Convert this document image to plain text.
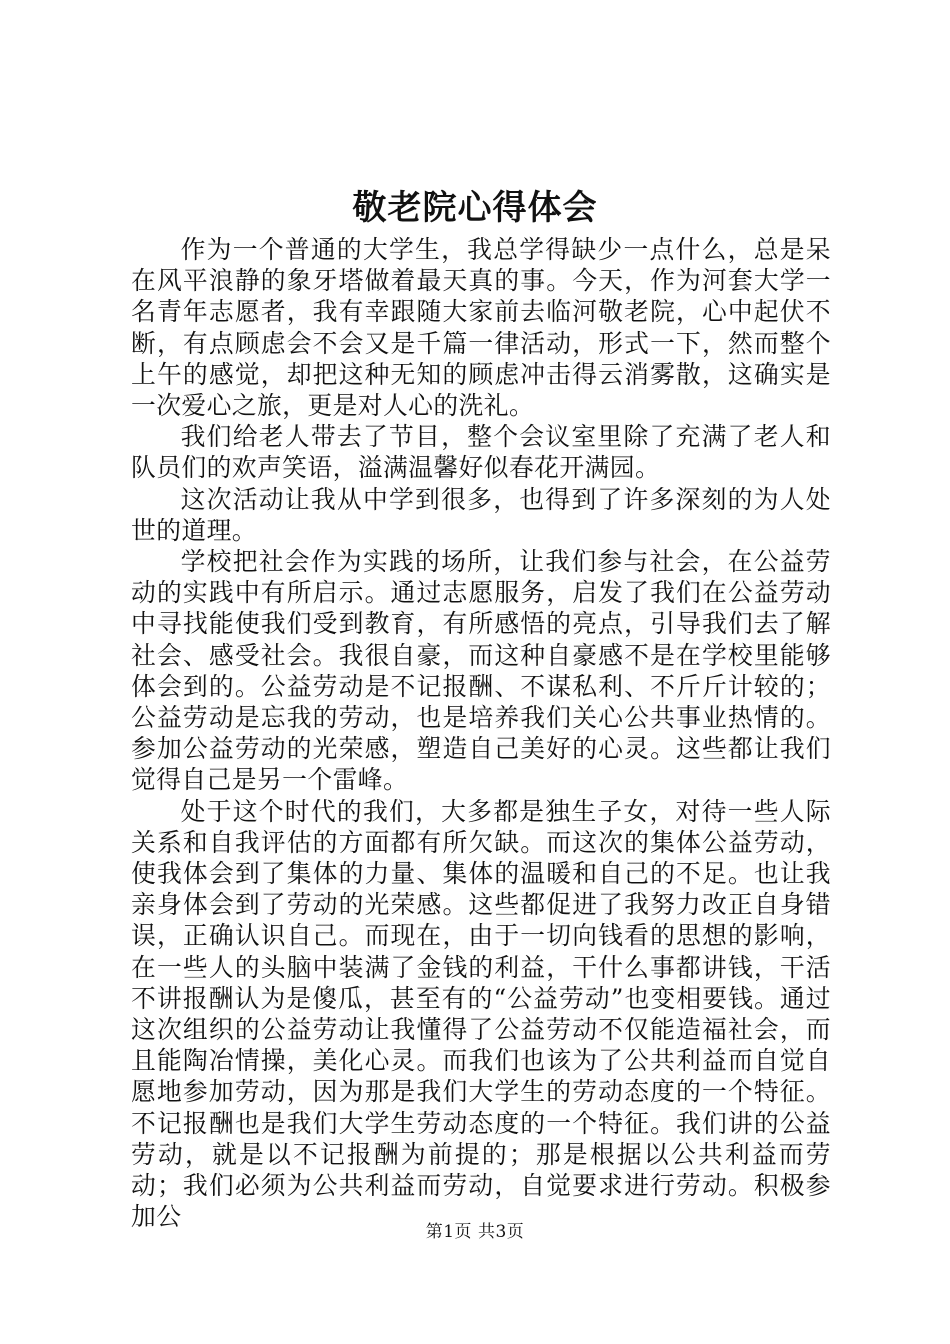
敬老院心得体会

作为一个普通的大学生，我总学得缺少一点什么，总是呆在风平浪静的象牙塔做着最天真的事。今天，作为河套大学一名青年志愿者，我有幸跟随大家前去临河敬老院，心中起伏不断，有点顾虑会不会又是千篇一律活动，形式一下，然而整个上午的感觉，却把这种无知的顾虑冲击得云消雾散，这确实是一次爱心之旅，更是对人心的洗礼。

我们给老人带去了节目，整个会议室里除了充满了老人和队员们的欢声笑语，溢满温馨好似春花开满园。

这次活动让我从中学到很多，也得到了许多深刻的为人处世的道理。

学校把社会作为实践的场所，让我们参与社会，在公益劳动的实践中有所启示。通过志愿服务，启发了我们在公益劳动中寻找能使我们受到教育，有所感悟的亮点，引导我们去了解社会、感受社会。我很自豪，而这种自豪感不是在学校里能够体会到的。公益劳动是不记报酬、不谋私利、不斤斤计较的；公益劳动是忘我的劳动，也是培养我们关心公共事业热情的。参加公益劳动的光荣感，塑造自己美好的心灵。这些都让我们觉得自己是另一个雷峰。

处于这个时代的我们，大多都是独生子女，对待一些人际关系和自我评估的方面都有所欠缺。而这次的集体公益劳动，使我体会到了集体的力量、集体的温暖和自己的不足。也让我亲身体会到了劳动的光荣感。这些都促进了我努力改正自身错误，正确认识自己。而现在，由于一切向钱看的思想的影响，在一些人的头脑中装满了金钱的利益，干什么事都讲钱，干活不讲报酬认为是傻瓜，甚至有的“公益劳动”也变相要钱。通过这次组织的公益劳动让我懂得了公益劳动不仅能造福社会，而且能陶冶情操，美化心灵。而我们也该为了公共利益而自觉自愿地参加劳动，因为那是我们大学生的劳动态度的一个特征。不记报酬也是我们大学生劳动态度的一个特征。我们讲的公益劳动，就是以不记报酬为前提的；那是根据以公共利益而劳动；我们必须为公共利益而劳动，自觉要求进行劳动。积极参加公

第1页 共3页
